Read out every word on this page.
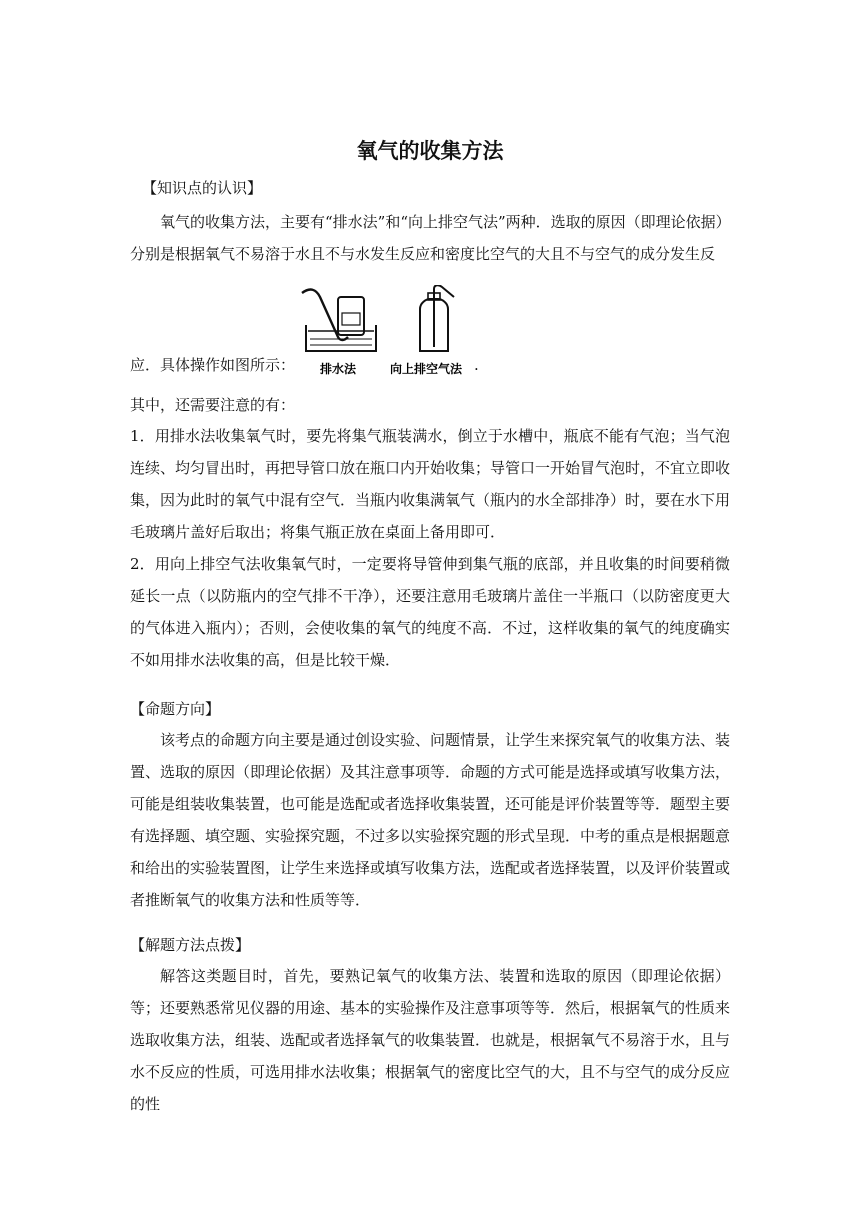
氧气的收集方法

【知识点的认识】

氧气的收集方法，主要有“排水法”和“向上排空气法”两种．选取的原因（即理论依据）

分别是根据氧气不易溶于水且不与水发生反应和密度比空气的大且不与空气的成分发生反

应．具体操作如图所示： 排水法	向上排空气法 .

其中，还需要注意的有：

1．用排水法收集氧气时，要先将集气瓶装满水，倒立于水槽中，瓶底不能有气泡；当气泡连续、均匀冒出时，再把导管口放在瓶口内开始收集；导管口一开始冒气泡时，不宜立即收集，因为此时的氧气中混有空气．当瓶内收集满氧气（瓶内的水全部排净）时，要在水下用毛玻璃片盖好后取出；将集气瓶正放在桌面上备用即可．

2．用向上排空气法收集氧气时，一定要将导管伸到集气瓶的底部，并且收集的时间要稍微延长一点（以防瓶内的空气排不干净），还要注意用毛玻璃片盖住一半瓶口（以防密度更大的气体进入瓶内）；否则，会使收集的氧气的纯度不高．不过，这样收集的氧气的纯度确实不如用排水法收集的高，但是比较干燥．

【命题方向】

该考点的命题方向主要是通过创设实验、问题情景，让学生来探究氧气的收集方法、装置、选取的原因（即理论依据）及其注意事项等．命题的方式可能是选择或填写收集方法，可能是组装收集装置，也可能是选配或者选择收集装置，还可能是评价装置等等．题型主要有选择题、填空题、实验探究题，不过多以实验探究题的形式呈现．中考的重点是根据题意和给出的实验装置图，让学生来选择或填写收集方法，选配或者选择装置，以及评价装置或者推断氧气的收集方法和性质等等．

【解题方法点拨】

解答这类题目时，首先，要熟记氧气的收集方法、装置和选取的原因（即理论依据）等；还要熟悉常见仪器的用途、基本的实验操作及注意事项等等．然后，根据氧气的性质来选取收集方法，组装、选配或者选择氧气的收集装置．也就是，根据氧气不易溶于水，且与水不反应的性质，可选用排水法收集；根据氧气的密度比空气的大，且不与空气的成分反应的性
